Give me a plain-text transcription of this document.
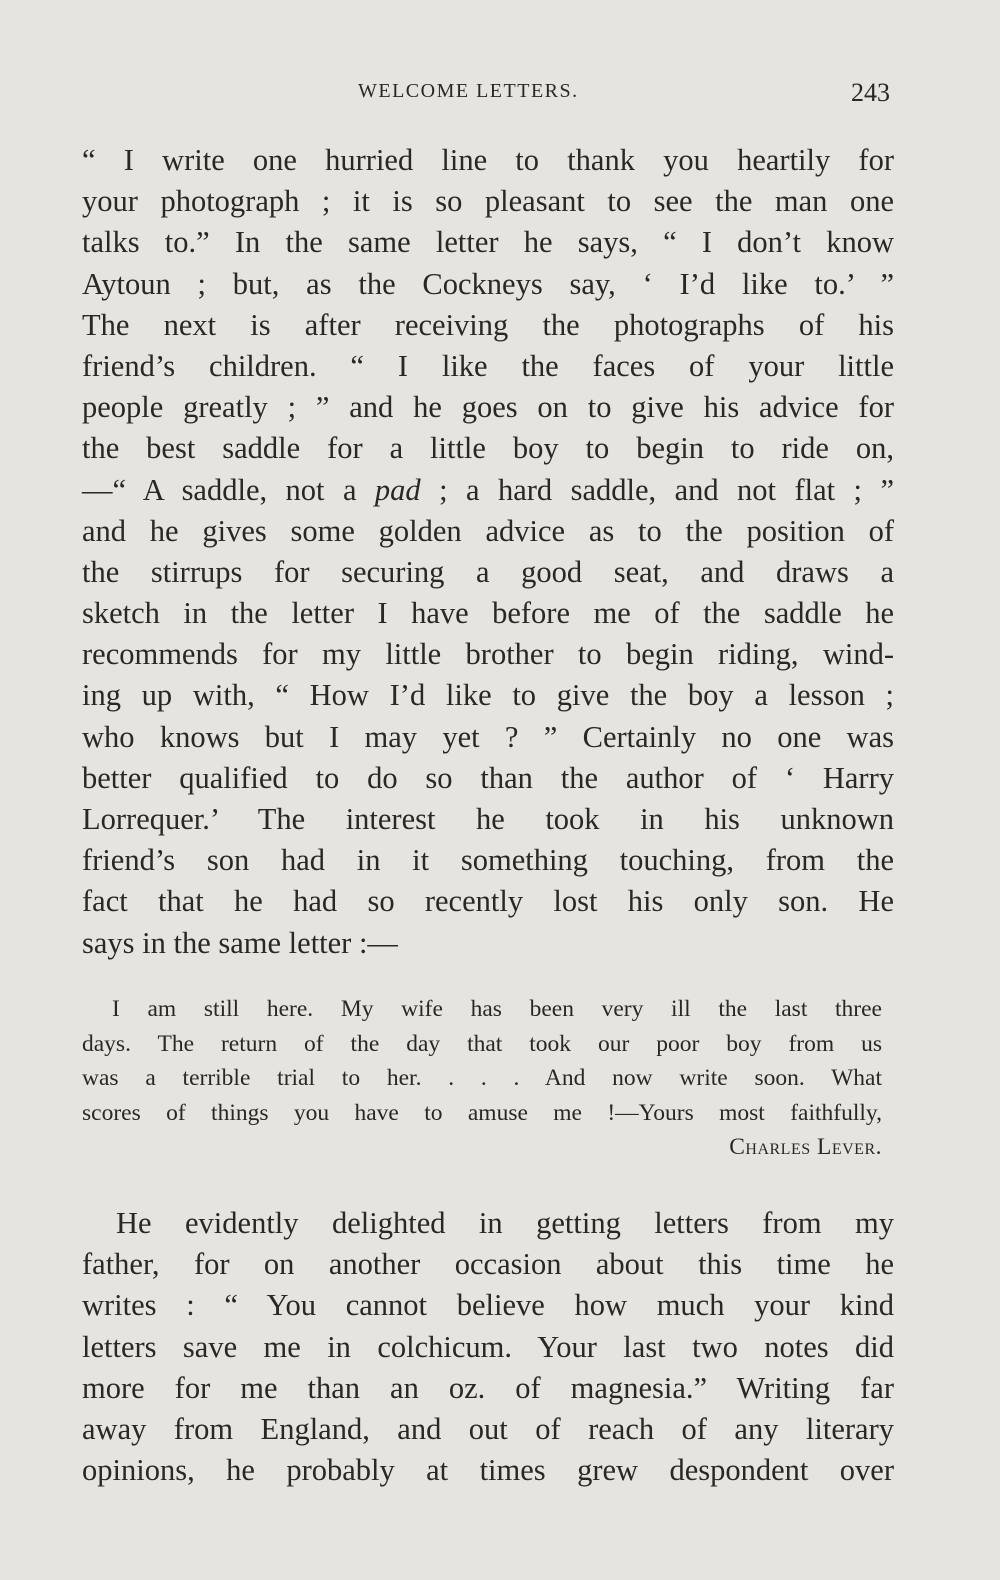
WELCOME LETTERS.	243
“ I write one hurried line to thank you heartily for
your photograph ; it is so pleasant to see the man one
talks to.” In the same letter he says, “ I don’t know
Aytoun ; but, as the Cockneys say, ‘ I’d like to.’ ”
The next is after receiving the photographs of his
friend’s children. “ I like the faces of your little
people greatly ; ” and he goes on to give his advice for
the best saddle for a little boy to begin to ride on,
—“ A saddle, not a pad ; a hard saddle, and not flat ; ”
and he gives some golden advice as to the position of
the stirrups for securing a good seat, and draws a
sketch in the letter I have before me of the saddle he
recommends for my little brother to begin riding, wind-
ing up with, “ How I’d like to give the boy a lesson ;
who knows but I may yet ? ” Certainly no one was
better qualified to do so than the author of ‘ Harry
Lorrequer.’ The interest he took in his unknown
friend’s son had in it something touching, from the
fact that he had so recently lost his only son. He
says in the same letter :—
I am still here. My wife has been very ill the last three
days. The return of the day that took our poor boy from us
was a terrible trial to her. . . . And now write soon. What
scores of things you have to amuse me !—Yours most faithfully,
Charles Lever.
He evidently delighted in getting letters from my
father, for on another occasion about this time he
writes : “ You cannot believe how much your kind
letters save me in colchicum. Your last two notes did
more for me than an oz. of magnesia.” Writing far
away from England, and out of reach of any literary
opinions, he probably at times grew despondent over
